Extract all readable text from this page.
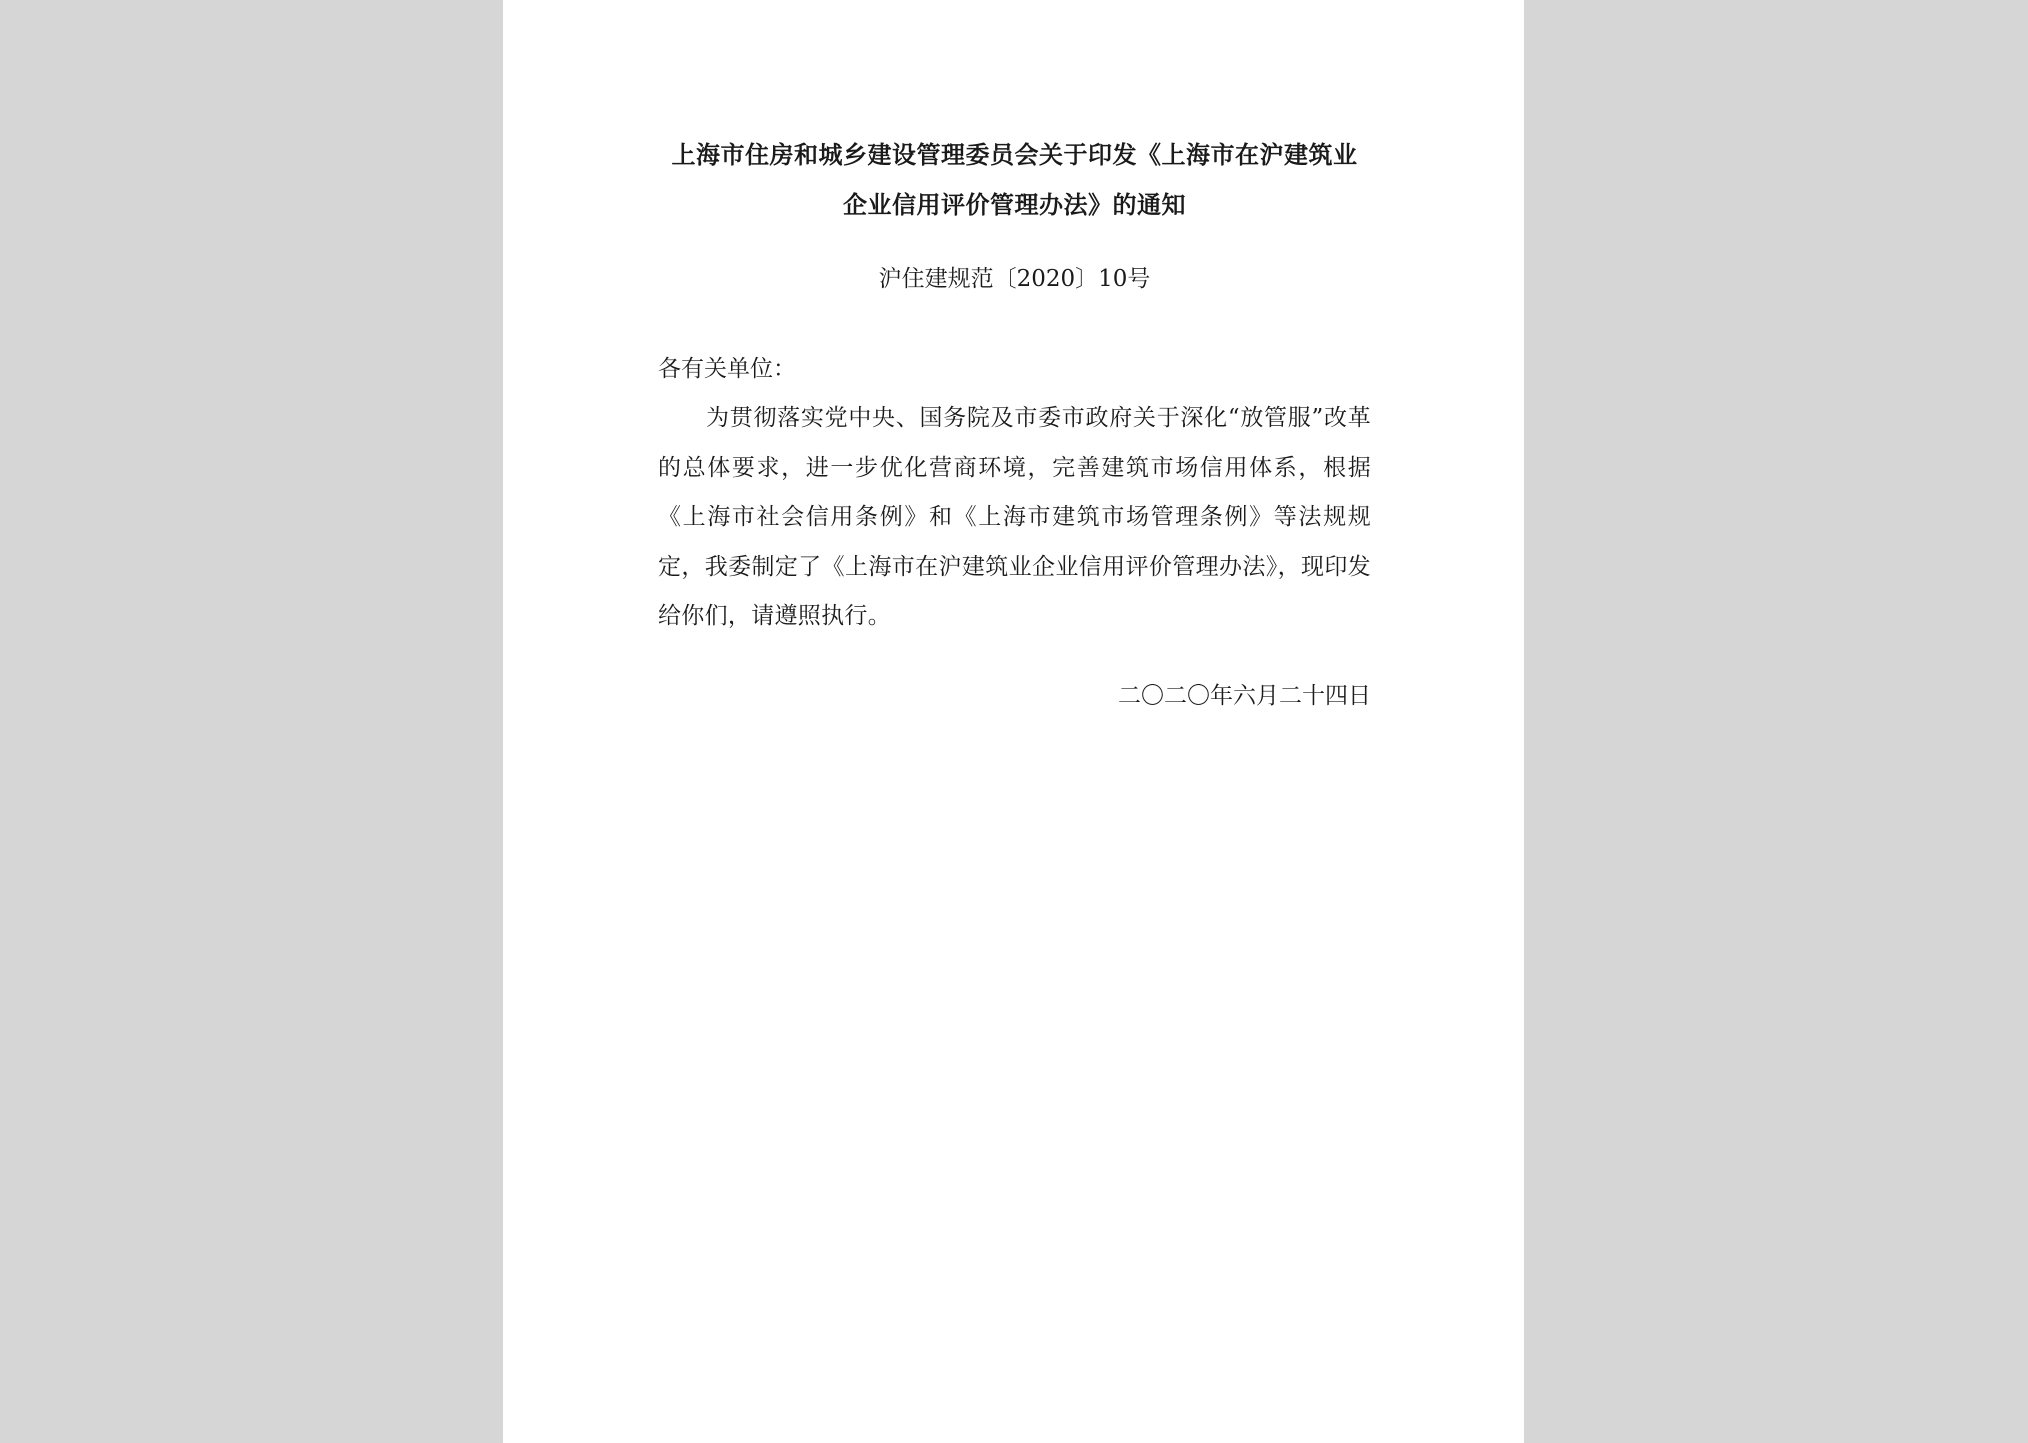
上海市住房和城乡建设管理委员会关于印发《上海市在沪建筑业
企业信用评价管理办法》的通知

沪住建规范〔2020〕10号

各有关单位：

为贯彻落实党中央、国务院及市委市政府关于深化“放管服”改革的总体要求，进一步优化营商环境，完善建筑市场信用体系，根据《上海市社会信用条例》和《上海市建筑市场管理条例》等法规规定，我委制定了《上海市在沪建筑业企业信用评价管理办法》，现印发给你们，请遵照执行。

二〇二〇年六月二十四日
